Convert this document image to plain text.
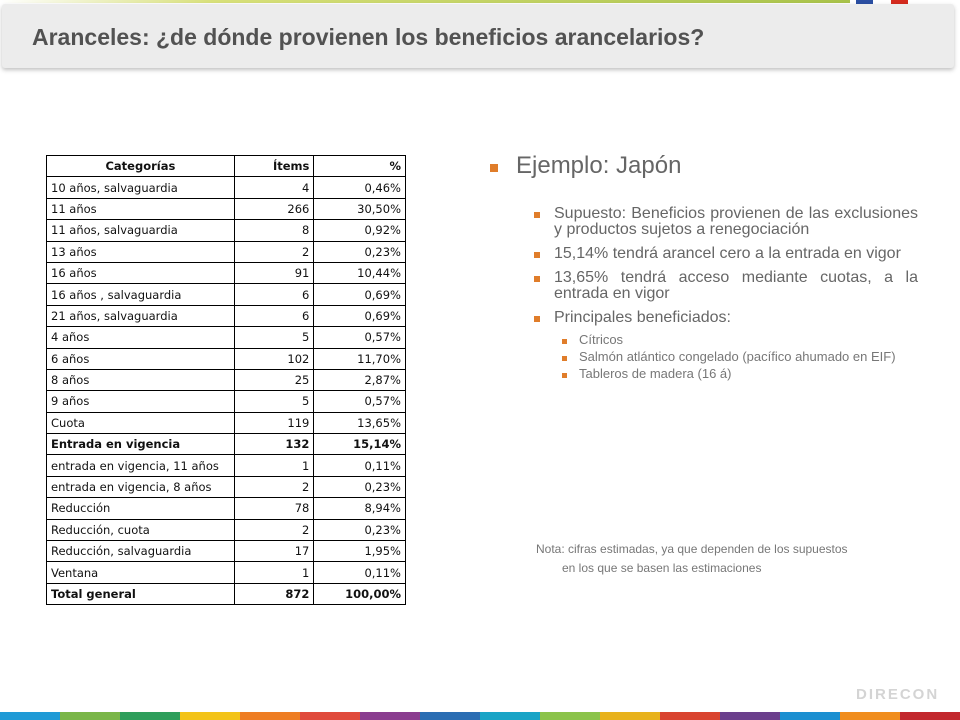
Aranceles: ¿de dónde provienen los beneficios arancelarios?
Categorías	Ítems	%
10 años, salvaguardia	4	0,46%
11 años	266	30,50%
11 años, salvaguardia	8	0,92%
13 años	2	0,23%
16 años	91	10,44%
16 años , salvaguardia	6	0,69%
21 años, salvaguardia	6	0,69%
4 años	5	0,57%
6 años	102	11,70%
8 años	25	2,87%
9 años	5	0,57%
Cuota	119	13,65%
Entrada en vigencia	132	15,14%
entrada en vigencia, 11 años	1	0,11%
entrada en vigencia, 8 años	2	0,23%
Reducción	78	8,94%
Reducción, cuota	2	0,23%
Reducción, salvaguardia	17	1,95%
Ventana	1	0,11%
Total general	872	100,00%
Ejemplo: Japón
Supuesto: Beneficios provienen de las exclusiones y productos sujetos a renegociación
15,14% tendrá arancel cero a la entrada en vigor
13,65% tendrá acceso mediante cuotas, a la entrada en vigor
Principales beneficiados:
Cítricos
Salmón atlántico congelado (pacífico ahumado en EIF)
Tableros de madera (16 á)
Nota: cifras estimadas, ya que dependen de los supuestos
en los que se basen las estimaciones
DIRECON
